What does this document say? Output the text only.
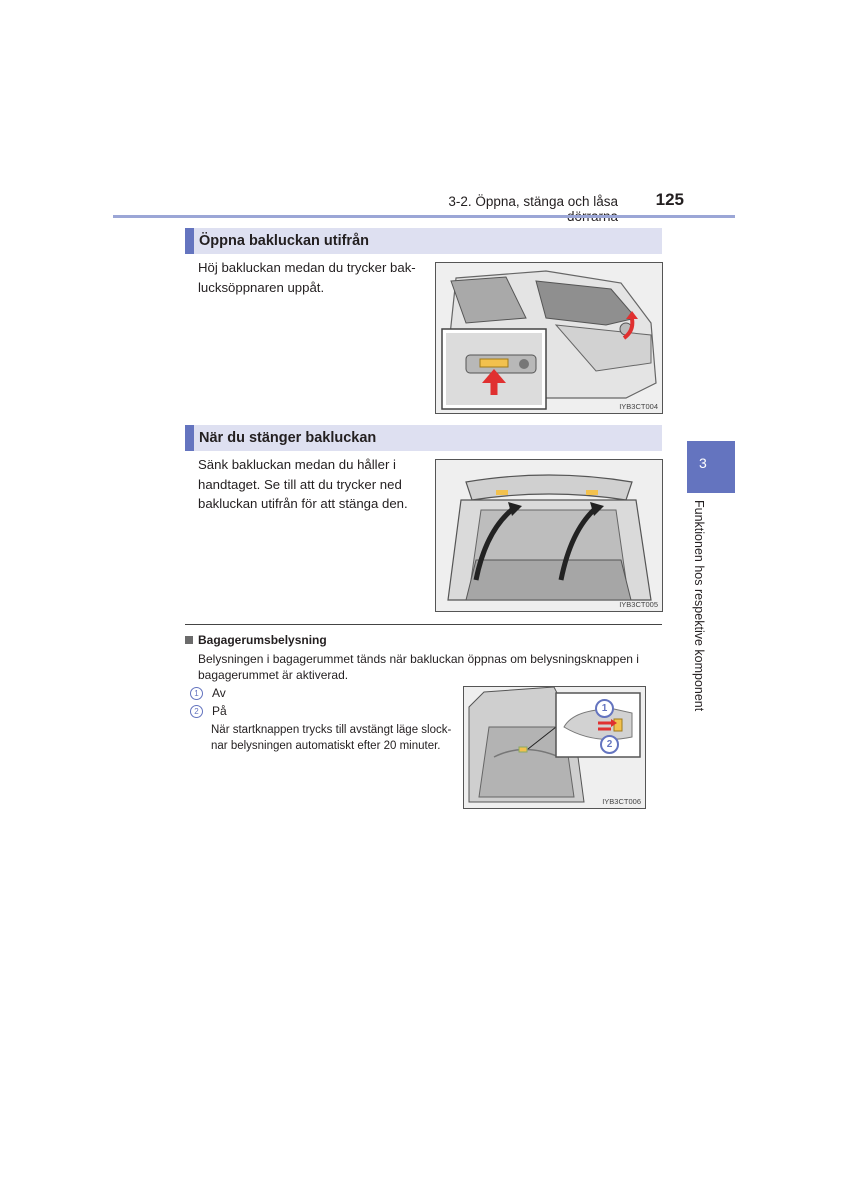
3-2. Öppna, stänga och låsa	125
3
Funktionen hos respektive komponent
Öppna bakluckan utifrån
Höj bakluckan medan du trycker bak-
lucksöppnaren uppåt.
IYB3CT004
När du stänger bakluckan
Sänk bakluckan medan du håller i
handtaget. Se till att du trycker ned
bakluckan utifrån för att stänga den.
IYB3CT005
Bagagerumsbelysning
Belysningen i bagagerummet tänds när bakluckan öppnas om belysningsknappen i
bagagerummet är aktiverad.
1 Av
2 På
När startknappen trycks till avstängt läge slock-
nar belysningen automatiskt efter 20 minuter.
1
2
IYB3CT006
